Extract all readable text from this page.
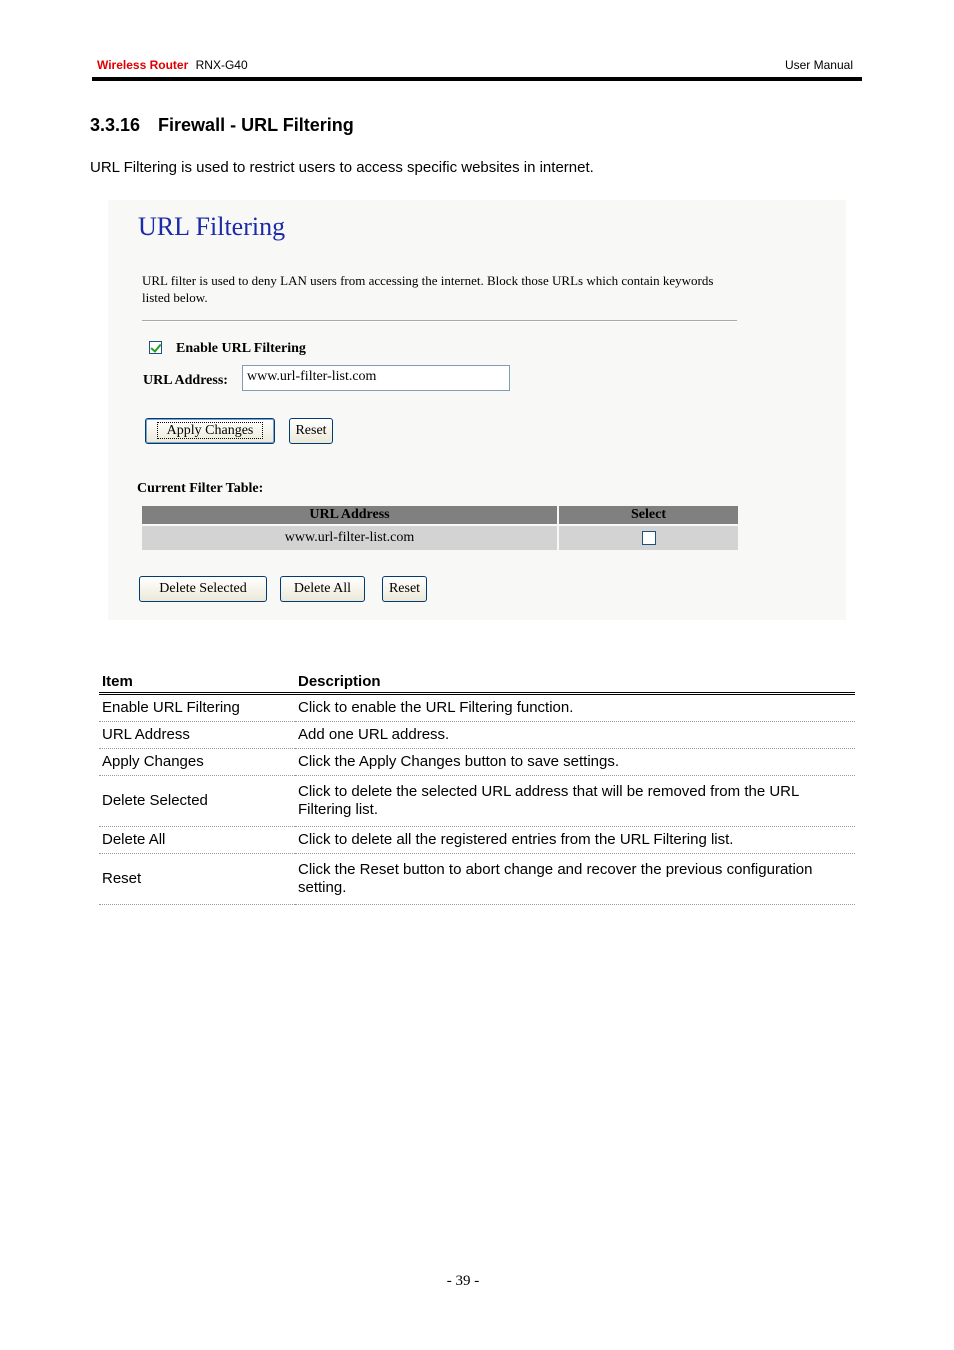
Wireless Router RNX-G40	User Manual
3.3.16 Firewall - URL Filtering
URL Filtering is used to restrict users to access specific websites in internet.
URL Filtering
URL filter is used to deny LAN users from accessing the internet. Block those URLs which contain keywords listed below.
Enable URL Filtering
URL Address:	www.url-filter-list.com
Apply Changes	Reset
Current Filter Table:
URL Address	Select
www.url-filter-list.com	
Delete Selected	Delete All	Reset
Item	Description
Enable URL Filtering	Click to enable the URL Filtering function.
URL Address	Add one URL address.
Apply Changes	Click the Apply Changes button to save settings.
Delete Selected	Click to delete the selected URL address that will be removed from the URL Filtering list.
Delete All	Click to delete all the registered entries from the URL Filtering list.
Reset	Click the Reset button to abort change and recover the previous configuration setting.
- 39 -
